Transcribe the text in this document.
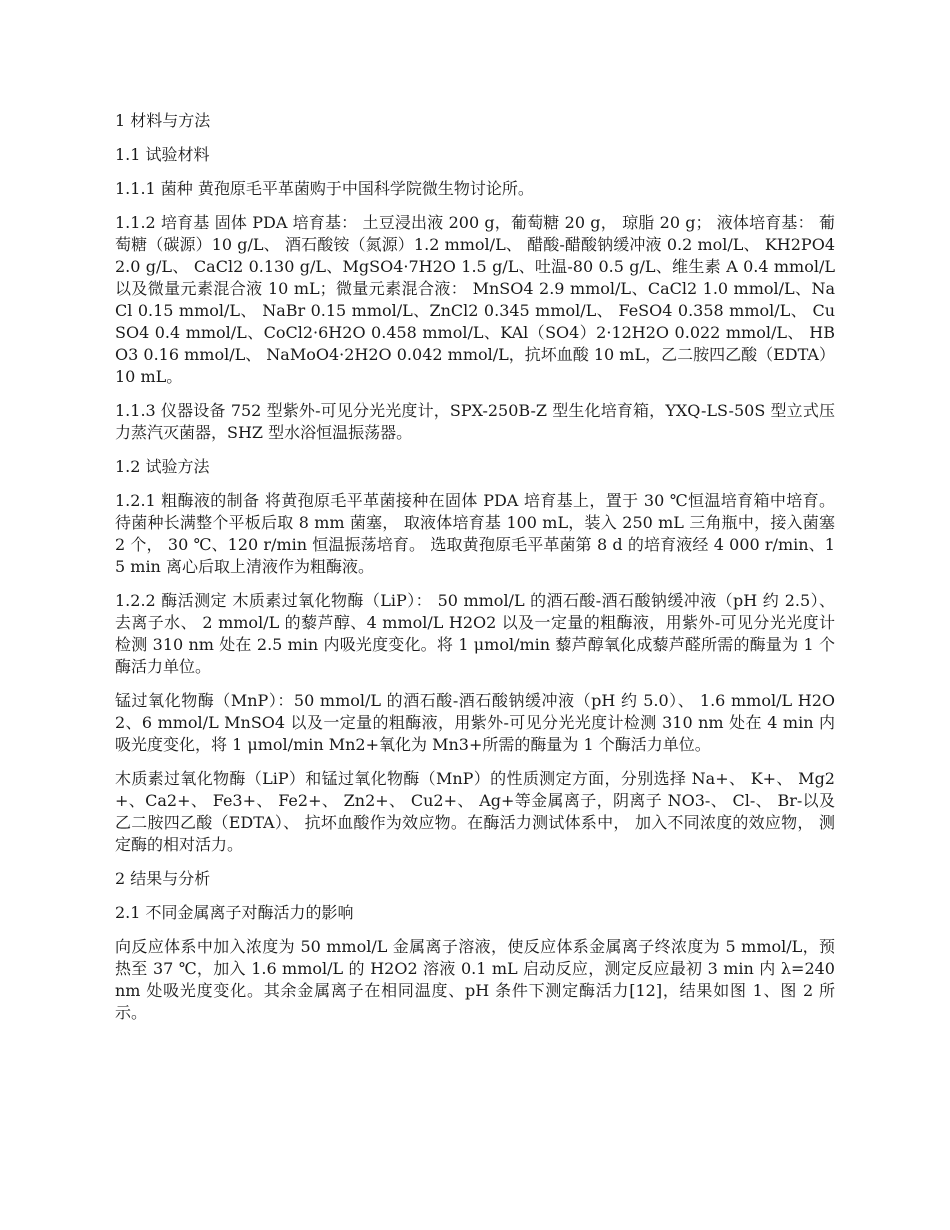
1 材料与方法

1.1 试验材料

1.1.1 菌种 黄孢原毛平革菌购于中国科学院微生物讨论所。

1.1.2 培育基 固体 PDA 培育基： 土豆浸出液 200 g，葡萄糖 20 g， 琼脂 20 g； 液体培育基： 葡萄糖（碳源）10 g/L、 酒石酸铵（氮源）1.2 mmol/L、 醋酸-醋酸钠缓冲液 0.2 mol/L、 KH2PO4 2.0 g/L、 CaCl2 0.130 g/L、MgSO4·7H2O 1.5 g/L、吐温-80 0.5 g/L、维生素 A 0.4 mmol/L 以及微量元素混合液 10 mL；微量元素混合液： MnSO4 2.9 mmol/L、CaCl2 1.0 mmol/L、NaCl 0.15 mmol/L、 NaBr 0.15 mmol/L、ZnCl2 0.345 mmol/L、 FeSO4 0.358 mmol/L、 CuSO4 0.4 mmol/L、CoCl2·6H2O 0.458 mmol/L、KAl（SO4）2·12H2O 0.022 mmol/L、 HBO3 0.16 mmol/L、 NaMoO4·2H2O 0.042 mmol/L，抗坏血酸 10 mL，乙二胺四乙酸（EDTA）10 mL。

1.1.3 仪器设备 752 型紫外-可见分光光度计，SPX-250B-Z 型生化培育箱，YXQ-LS-50S 型立式压力蒸汽灭菌器，SHZ 型水浴恒温振荡器。

1.2 试验方法

1.2.1 粗酶液的制备 将黄孢原毛平革菌接种在固体 PDA 培育基上，置于 30 ℃恒温培育箱中培育。待菌种长满整个平板后取 8 mm 菌塞， 取液体培育基 100 mL，装入 250 mL 三角瓶中，接入菌塞 2 个， 30 ℃、120 r/min 恒温振荡培育。 选取黄孢原毛平革菌第 8 d 的培育液经 4 000 r/min、15 min 离心后取上清液作为粗酶液。

1.2.2 酶活测定 木质素过氧化物酶（LiP）： 50 mmol/L 的酒石酸-酒石酸钠缓冲液（pH 约 2.5）、 去离子水、 2 mmol/L 的藜芦醇、4 mmol/L H2O2 以及一定量的粗酶液，用紫外-可见分光光度计检测 310 nm 处在 2.5 min 内吸光度变化。将 1 μmol/min 藜芦醇氧化成藜芦醛所需的酶量为 1 个酶活力单位。

锰过氧化物酶（MnP）：50 mmol/L 的酒石酸-酒石酸钠缓冲液（pH 约 5.0）、 1.6 mmol/L H2O2、6 mmol/L MnSO4 以及一定量的粗酶液，用紫外-可见分光光度计检测 310 nm 处在 4 min 内吸光度变化，将 1 μmol/min Mn2+氧化为 Mn3+所需的酶量为 1 个酶活力单位。

木质素过氧化物酶（LiP）和锰过氧化物酶（MnP）的性质测定方面，分别选择 Na+、 K+、 Mg2+、Ca2+、 Fe3+、 Fe2+、 Zn2+、 Cu2+、 Ag+等金属离子，阴离子 NO3-、 Cl-、 Br-以及乙二胺四乙酸（EDTA）、 抗坏血酸作为效应物。在酶活力测试体系中， 加入不同浓度的效应物， 测定酶的相对活力。

2 结果与分析

2.1 不同金属离子对酶活力的影响

向反应体系中加入浓度为 50 mmol/L 金属离子溶液，使反应体系金属离子终浓度为 5 mmol/L，预热至 37 ℃，加入 1.6 mmol/L 的 H2O2 溶液 0.1 mL 启动反应，测定反应最初 3 min 内 λ=240 nm 处吸光度变化。其余金属离子在相同温度、pH 条件下测定酶活力[12]，结果如图 1、图 2 所示。
